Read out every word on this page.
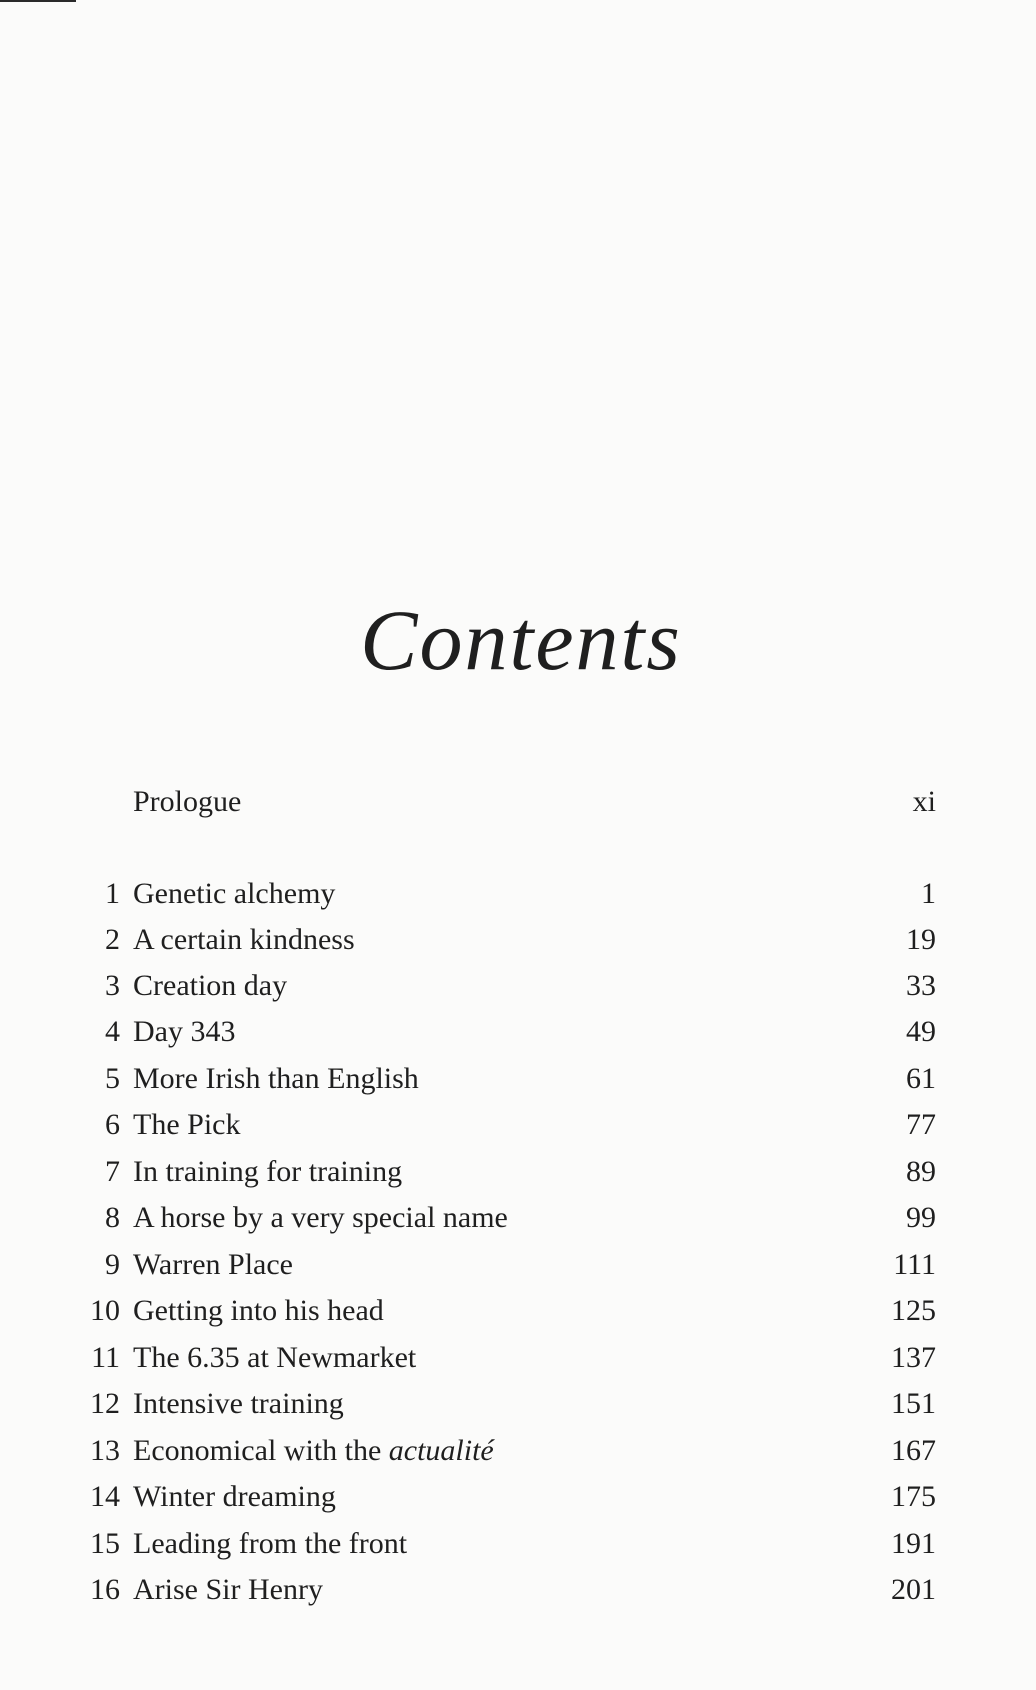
Contents
Prologue	xi
1 Genetic alchemy	1
2 A certain kindness	19
3 Creation day	33
4 Day 343	49
5 More Irish than English	61
6 The Pick	77
7 In training for training	89
8 A horse by a very special name	99
9 Warren Place	111
10 Getting into his head	125
11 The 6.35 at Newmarket	137
12 Intensive training	151
13 Economical with the actualité	167
14 Winter dreaming	175
15 Leading from the front	191
16 Arise Sir Henry	201
